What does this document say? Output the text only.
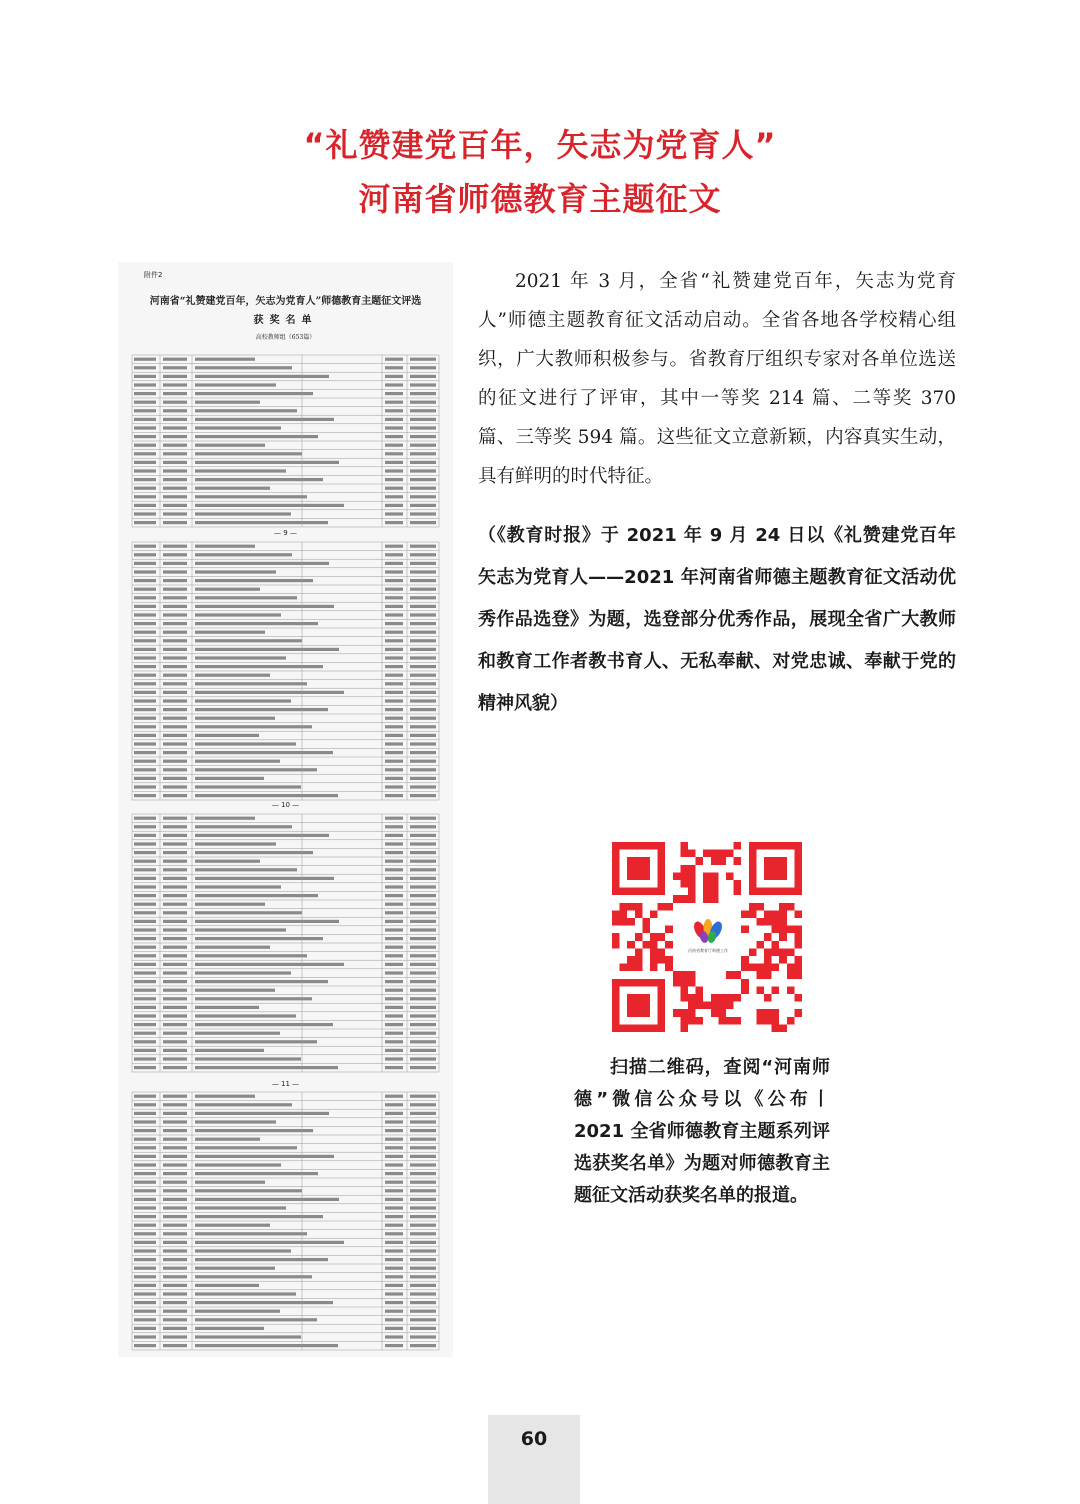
“礼赞建党百年，矢志为党育人”
河南省师德教育主题征文
附件2
河南省“礼赞建党百年，矢志为党育人”师德教育主题征文评选
获奖名单
高校教师组（653篇）
— 9 —
— 10 —
— 11 —

2021 年 3 月，全省“礼赞建党百年，矢志为党育人”师德主题教育征文活动启动。全省各地各学校精心组织，广大教师积极参与。省教育厅组织专家对各单位选送的征文进行了评审，其中一等奖 214 篇、二等奖 370 篇、三等奖 594 篇。这些征文立意新颖，内容真实生动，具有鲜明的时代特征。

（《教育时报》于 2021 年 9 月 24 日以《礼赞建党百年 矢志为党育人——2021 年河南省师德主题教育征文活动优秀作品选登》为题，选登部分优秀作品，展现全省广大教师和教育工作者教书育人、无私奉献、对党忠诚、奉献于党的精神风貌）

河南省教育厅师德工作

扫描二维码，查阅“河南师德”微信公众号以《公布丨 2021 全省师德教育主题系列评选获奖名单》为题对师德教育主题征文活动获奖名单的报道。

60
